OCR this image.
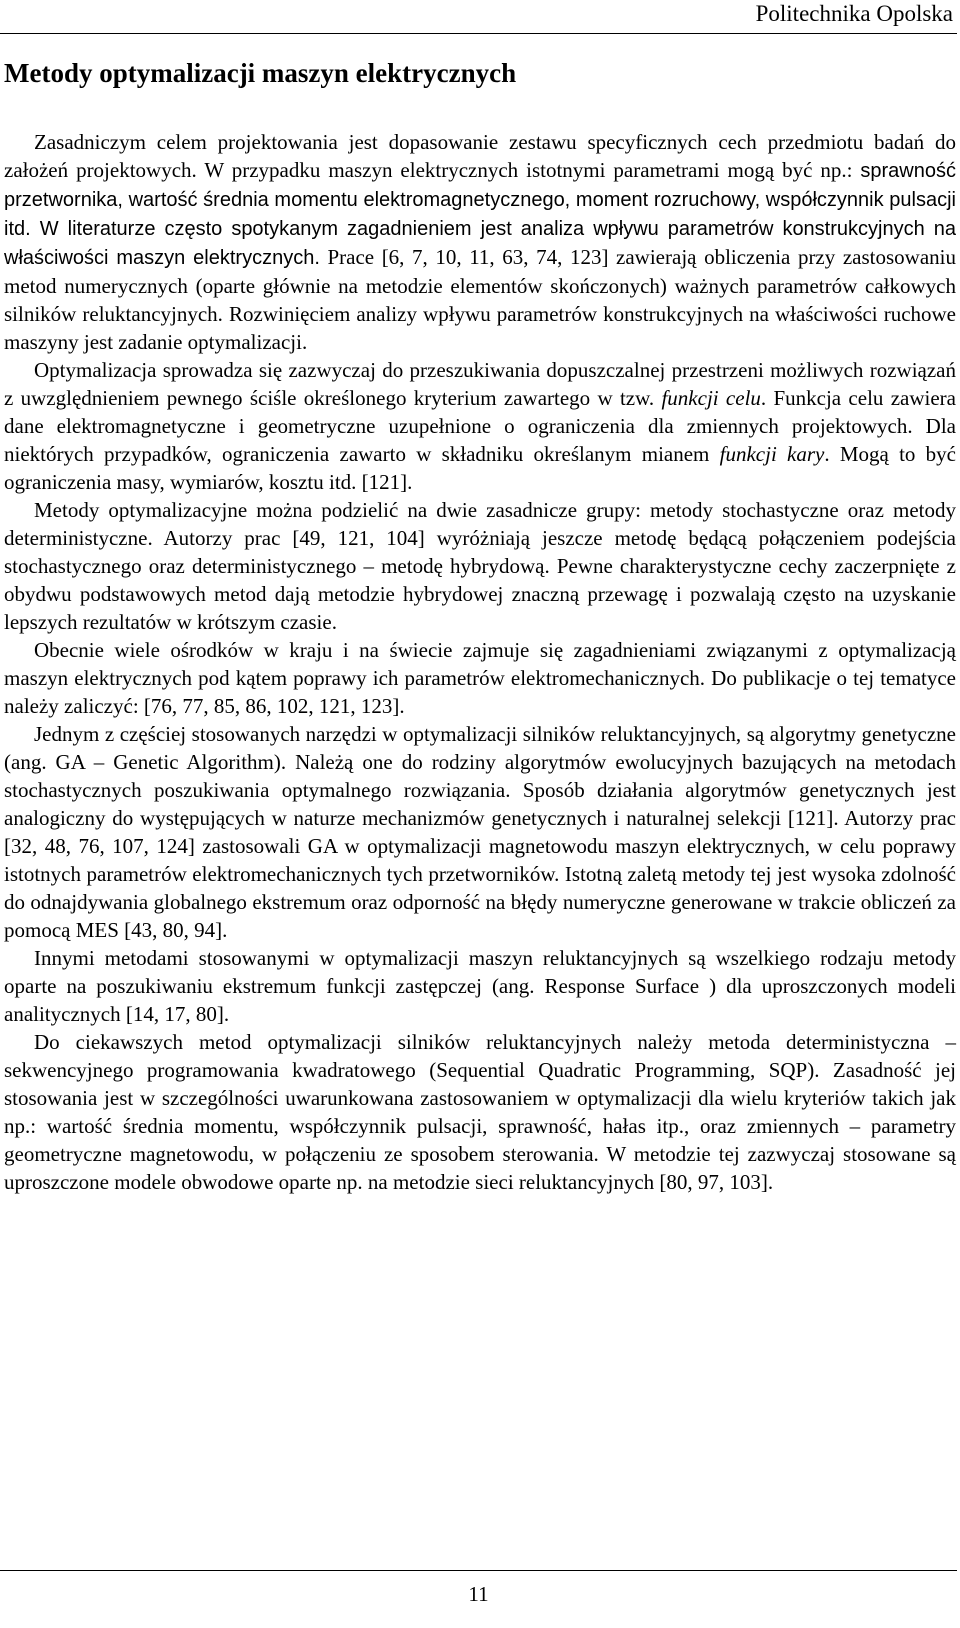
Politechnika Opolska
Metody optymalizacji maszyn elektrycznych

Zasadniczym celem projektowania jest dopasowanie zestawu specyficznych cech przedmiotu badań do założeń projektowych. W przypadku maszyn elektrycznych istotnymi parametrami mogą być np.: sprawność przetwornika, wartość średnia momentu elektromagnetycznego, moment rozruchowy, współczynnik pulsacji itd. W literaturze często spotykanym zagadnieniem jest analiza wpływu parametrów konstrukcyjnych na właściwości maszyn elektrycznych. Prace [6, 7, 10, 11, 63, 74, 123] zawierają obliczenia przy zastosowaniu metod numerycznych (oparte głównie na metodzie elementów skończonych) ważnych parametrów całkowych silników reluktancyjnych. Rozwinięciem analizy wpływu parametrów konstrukcyjnych na właściwości ruchowe maszyny jest zadanie optymalizacji.

Optymalizacja sprowadza się zazwyczaj do przeszukiwania dopuszczalnej przestrzeni możliwych rozwiązań z uwzględnieniem pewnego ściśle określonego kryterium zawartego w tzw. funkcji celu. Funkcja celu zawiera dane elektromagnetyczne i geometryczne uzupełnione o ograniczenia dla zmiennych projektowych. Dla niektórych przypadków, ograniczenia zawarto w składniku określanym mianem funkcji kary. Mogą to być ograniczenia masy, wymiarów, kosztu itd. [121].

Metody optymalizacyjne można podzielić na dwie zasadnicze grupy: metody stochastyczne oraz metody deterministyczne. Autorzy prac [49, 121, 104] wyróżniają jeszcze metodę będącą połączeniem podejścia stochastycznego oraz deterministycznego – metodę hybrydową. Pewne charakterystyczne cechy zaczerpnięte z obydwu podstawowych metod dają metodzie hybrydowej znaczną przewagę i pozwalają często na uzyskanie lepszych rezultatów w krótszym czasie.

Obecnie wiele ośrodków w kraju i na świecie zajmuje się zagadnieniami związanymi z optymalizacją maszyn elektrycznych pod kątem poprawy ich parametrów elektromechanicznych. Do publikacje o tej tematyce należy zaliczyć: [76, 77, 85, 86, 102, 121, 123].

Jednym z częściej stosowanych narzędzi w optymalizacji silników reluktancyjnych, są algorytmy genetyczne (ang. GA – Genetic Algorithm). Należą one do rodziny algorytmów ewolucyjnych bazujących na metodach stochastycznych poszukiwania optymalnego rozwiązania. Sposób działania algorytmów genetycznych jest analogiczny do występujących w naturze mechanizmów genetycznych i naturalnej selekcji [121]. Autorzy prac [32, 48, 76, 107, 124] zastosowali GA w optymalizacji magnetowodu maszyn elektrycznych, w celu poprawy istotnych parametrów elektromechanicznych tych przetworników. Istotną zaletą metody tej jest wysoka zdolność do odnajdywania globalnego ekstremum oraz odporność na błędy numeryczne generowane w trakcie obliczeń za pomocą MES [43, 80, 94].

Innymi metodami stosowanymi w optymalizacji maszyn reluktancyjnych są wszelkiego rodzaju metody oparte na poszukiwaniu ekstremum funkcji zastępczej (ang. Response Surface ) dla uproszczonych modeli analitycznych [14, 17, 80].

Do ciekawszych metod optymalizacji silników reluktancyjnych należy metoda deterministyczna – sekwencyjnego programowania kwadratowego (Sequential Quadratic Programming, SQP). Zasadność jej stosowania jest w szczególności uwarunkowana zastosowaniem w optymalizacji dla wielu kryteriów takich jak np.: wartość średnia momentu, współczynnik pulsacji, sprawność, hałas itp., oraz zmiennych – parametry geometryczne magnetowodu, w połączeniu ze sposobem sterowania. W metodzie tej zazwyczaj stosowane są uproszczone modele obwodowe oparte np. na metodzie sieci reluktancyjnych [80, 97, 103].

11
